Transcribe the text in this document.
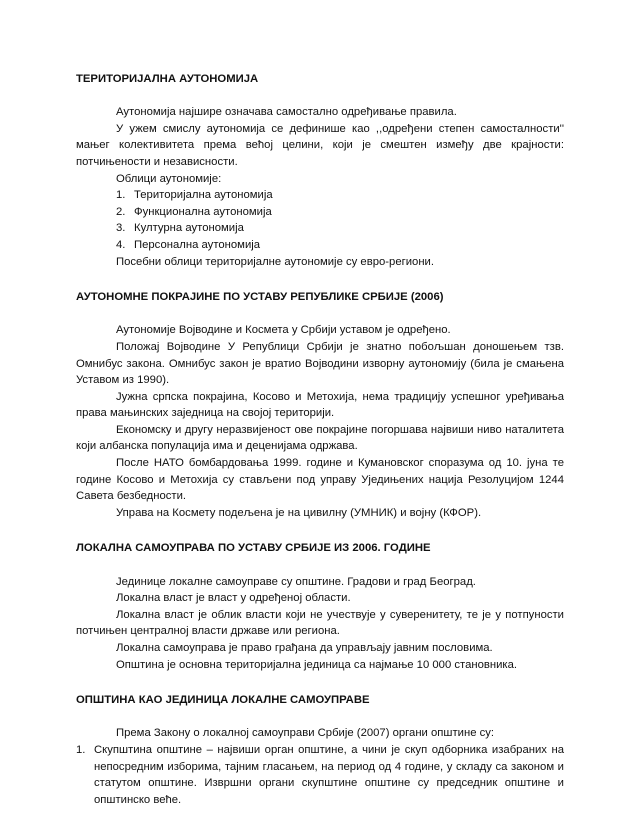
ТЕРИТОРИЈАЛНА АУТОНОМИЈА

Аутономија најшире означава самостално одређивање правила.

У ужем смислу аутономија се дефинише као ,,одређени степен самосталности'' мањег колективитета према већој целини, који је смештен између две крајности: потчињености и независности.

Облици аутономије:

1. Територијална аутономија
2. Функционална аутономија
3. Културна аутономија
4. Персонална аутономија

Посебни облици територијалне аутономије су евро-региони.

АУТОНОМНЕ ПОКРАЈИНЕ ПО УСТАВУ РЕПУБЛИКЕ СРБИЈЕ (2006)

Аутономије Војводине и Космета у Србији уставом је одређено.

Положај Војводине У Републици Србији је знатно побољшан доношењем тзв. Омнибус закона. Омнибус закон је вратио Војводини изворну аутономију (била је смањена Уставом из 1990).

Јужна српска покрајина, Косово и Метохија, нема традицију успешног уређивања права мањинских заједница на својој територији.

Економску и другу неразвијеност ове покрајине погоршава највиши ниво наталитета који албанска популација има и деценијама одржава.

После НАТО бомбардовања 1999. године и Кумановског споразума од 10. јуна те године Косово и Метохија су стављени под управу Уједињених нација Резолуцијом 1244 Савета безбедности.

Управа на Космету подељена је на цивилну (УМНИК) и војну (КФОР).

ЛОКАЛНА САМОУПРАВА ПО УСТАВУ СРБИЈЕ ИЗ 2006. ГОДИНЕ

Јединице локалне самоуправе су општине. Градови и град Београд.

Локална власт је власт у одређеној области.

Локална власт је облик власти који не учествује у суверенитету, те је у потпуности потчињен централној власти државе или региона.

Локална самоуправа је право грађана да управљају јавним пословима.

Општина је основна територијална јединица са најмање 10 000 становника.

ОПШТИНА КАО ЈЕДИНИЦА ЛОКАЛНЕ САМОУПРАВЕ

Према Закону о локалној самоуправи Србије (2007) органи општине су:

1. Скупштина општине – највиши орган општине, а чини је скуп одборника изабраних на непосредним изборима, тајним гласањем, на период од 4 године, у складу са законом и статутом општине. Извршни органи скупштине општине су председник општине и општинско веће.
